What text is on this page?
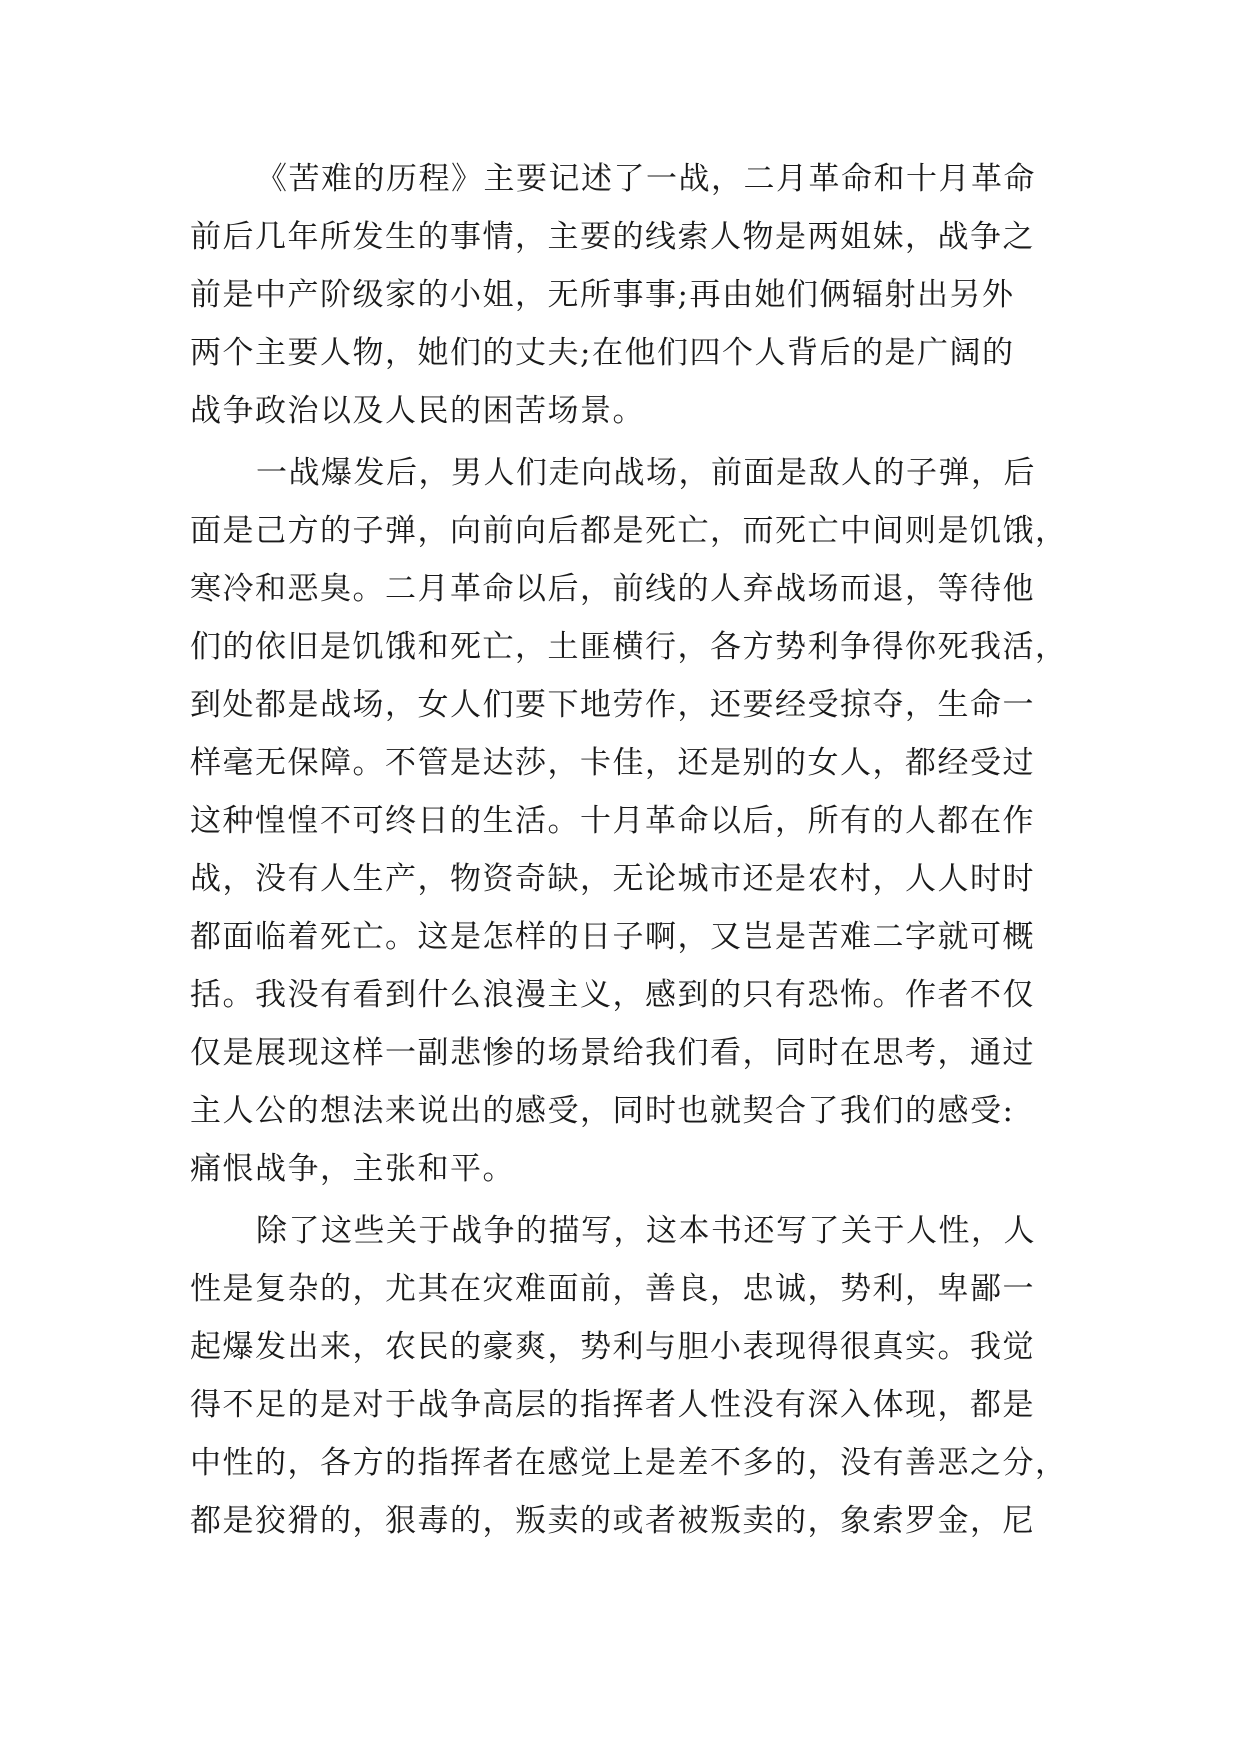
《苦难的历程》主要记述了一战，二月革命和十月革命
前后几年所发生的事情，主要的线索人物是两姐妹，战争之
前是中产阶级家的小姐，无所事事;再由她们俩辐射出另外
两个主要人物，她们的丈夫;在他们四个人背后的是广阔的
战争政治以及人民的困苦场景。
一战爆发后，男人们走向战场，前面是敌人的子弹，后
面是己方的子弹，向前向后都是死亡，而死亡中间则是饥饿，
寒冷和恶臭。二月革命以后，前线的人弃战场而退，等待他
们的依旧是饥饿和死亡，土匪横行，各方势利争得你死我活，
到处都是战场，女人们要下地劳作，还要经受掠夺，生命一
样毫无保障。不管是达莎，卡佳，还是别的女人，都经受过
这种惶惶不可终日的生活。十月革命以后，所有的人都在作
战，没有人生产，物资奇缺，无论城市还是农村，人人时时
都面临着死亡。这是怎样的日子啊，又岂是苦难二字就可概
括。我没有看到什么浪漫主义，感到的只有恐怖。作者不仅
仅是展现这样一副悲惨的场景给我们看，同时在思考，通过
主人公的想法来说出的感受，同时也就契合了我们的感受:
痛恨战争，主张和平。
除了这些关于战争的描写，这本书还写了关于人性，人
性是复杂的，尤其在灾难面前，善良，忠诚，势利，卑鄙一
起爆发出来，农民的豪爽，势利与胆小表现得很真实。我觉
得不足的是对于战争高层的指挥者人性没有深入体现，都是
中性的，各方的指挥者在感觉上是差不多的，没有善恶之分，
都是狡猾的，狠毒的，叛卖的或者被叛卖的，象索罗金，尼
